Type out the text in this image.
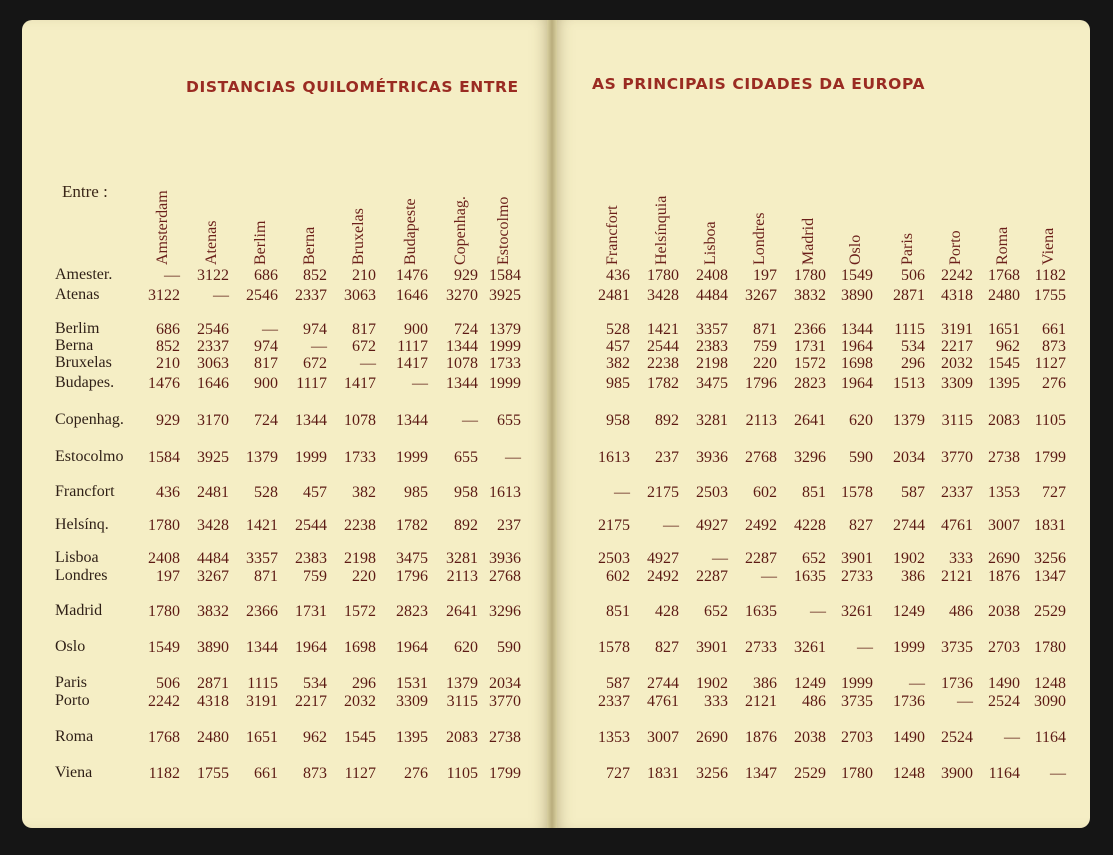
DISTANCIAS QUILOMÉTRICAS ENTRE	AS PRINCIPAIS CIDADES DA EUROPA
Entre :	Amsterdam Atenas Berlim Berna Bruxelas Budapeste Copenhag. Estocolmo	Francfort Helsínquia Lisboa Londres Madrid Oslo Paris Porto Roma Viena
Amester.	—	3122	686	852	210	1476	929 1584	436	1780	2408	197	1780 1549	506	2242 1768 1182
Atenas	3122	—	2546	2337	3063	1646	3270 3925	2481	3428	4484	3267	3832 3890	2871	4318 2480 1755
Berlim	686	2546	—	974	817	900	724 1379	528	1421	3357	871	2366 1344	1115	3191 1651	661
Berna	852	2337	974	—	672	1117	1344 1999	457	2544	2383	759	1731 1964	534	2217	962	873
Bruxelas	210	3063	817	672	—	1417	1078 1733	382	2238	2198	220	1572 1698	296	2032 1545 1127
Budapes.	1476	1646	900	1117	1417	—	1344 1999	985	1782	3475	1796	2823 1964	1513	3309 1395	276
Copenhag.	929	3170	724	1344	1078	1344	—	655	958	892	3281	2113	2641	620	1379	3115 2083 1105
Estocolmo	1584	3925	1379	1999	1733	1999	655	—	1613	237	3936	2768	3296	590	2034	3770 2738 1799
Francfort	436	2481	528	457	382	985	958 1613	—	2175	2503	602	851 1578	587	2337 1353	727
Helsínq.	1780	3428	1421	2544	2238	1782	892	237	2175	—	4927	2492	4228	827	2744	4761 3007 1831
Lisboa	2408	4484	3357	2383	2198	3475	3281 3936	2503	4927	—	2287	652 3901	1902	333 2690 3256
Londres	197	3267	871	759	220	1796	2113 2768	602	2492	2287	—	1635 2733	386	2121 1876 1347
Madrid	1780	3832	2366	1731	1572	2823	2641 3296	851	428	652	1635	— 3261	1249	486 2038 2529
Oslo	1549	3890	1344	1964	1698	1964	620	590	1578	827	3901	2733	3261	—	1999	3735 2703 1780
Paris	506	2871	1115	534	296	1531	1379 2034	587	2744	1902	386	1249 1999	—	1736 1490 1248
Porto	2242	4318	3191	2217	2032	3309	3115 3770	2337	4761	333	2121	486 3735	1736	— 2524 3090
Roma	1768	2480	1651	962	1545	1395	2083 2738	1353	3007	2690	1876	2038 2703	1490	2524	— 1164
Viena	1182	1755	661	873	1127	276	1105 1799	727	1831	3256	1347	2529 1780	1248	3900 1164	—
